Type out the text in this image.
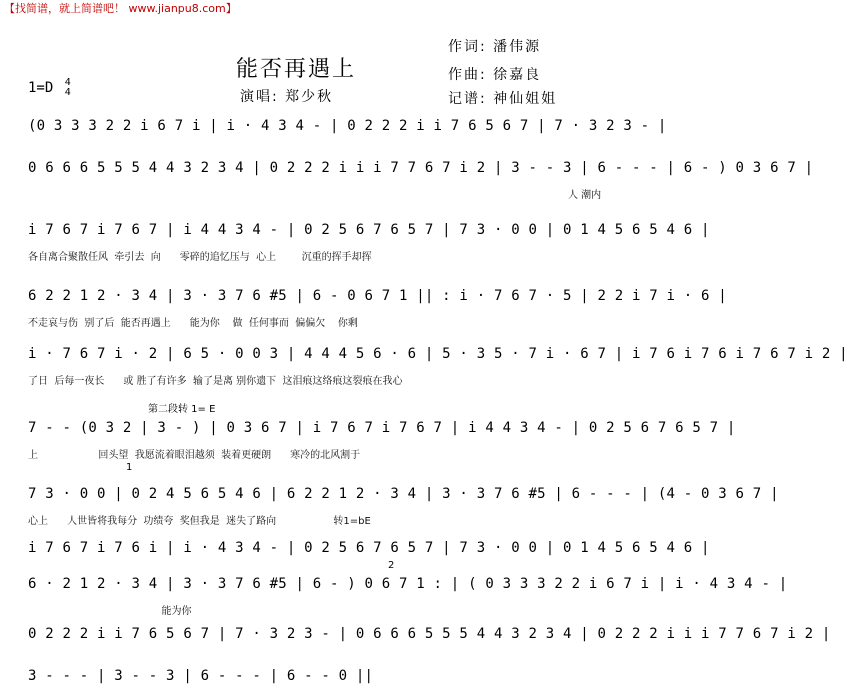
【找简谱，就上简谱吧！ www.jianpu8.com】
作词: 潘伟源
能否再遇上	作曲: 徐嘉良
演唱: 郑少秋	记谱: 神仙姐姐
1=D 4
4
(0 3 3 3 2 2 i 6 7 i | i · 4 3 4 - | 0 2 2 2 i i 7 6 5 6 7 | 7 · 3 2 3 - |
0 6 6 6 5 5 5 4 4 3 2 3 4 | 0 2 2 2 i i i 7 7 6 7 i 2 | 3 - - 3 | 6 - - - | 6 - ) 0 3 6 7 |
人 潮内
i 7 6 7 i 7 6 7 | i 4 4 3 4 - | 0 2 5 6 7 6 5 7 | 7 3 · 0 0 | 0 1 4 5 6 5 4 6 |
各自离合聚散任风  牵引去  向      零碎的追忆压与  心上        沉重的挥手却挥
6 2 2 1 2 · 3 4 | 3 · 3 7 6 #5 | 6 - 0 6 7 1 || : i · 7 6 7 · 5 | 2 2 i 7 i · 6 |
不走哀与伤  别了后  能否再遇上      能为你    做  任何事而  偏偏欠    你剩
i · 7 6 7 i · 2 | 6 5 · 0 0 3 | 4 4 4 5 6 · 6 | 5 · 3 5 · 7 i · 6 7 | i 7 6 i 7 6 i 7 6 7 i 2 |
了日  后每一夜长      或 胜了有许多  输了是离 别你遗下  这泪痕这络痕这裂痕在我心
第二段转 1= E
7 - - (0 3 2 | 3 - ) | 0 3 6 7 | i 7 6 7 i 7 6 7 | i 4 4 3 4 - | 0 2 5 6 7 6 5 7 |
上                   回头望  我愿流着眼泪越须  装着更硬朗      寒冷的北风割于
1
7 3 · 0 0 | 0 2 4 5 6 5 4 6 | 6 2 2 1 2 · 3 4 | 3 · 3 7 6 #5 | 6 - - - | (4 - 0 3 6 7 |
心上      人世皆将我每分  功绩夸  奖但我是  迷失了路向                  转1=bE
i 7 6 7 i 7 6 i | i · 4 3 4 - | 0 2 5 6 7 6 5 7 | 7 3 · 0 0 | 0 1 4 5 6 5 4 6 |
2
6 · 2 1 2 · 3 4 | 3 · 3 7 6 #5 | 6 - ) 0 6 7 1 : | ( 0 3 3 3 2 2 i 6 7 i | i · 4 3 4 - |
能为你
0 2 2 2 i i 7 6 5 6 7 | 7 · 3 2 3 - | 0 6 6 6 5 5 5 4 4 3 2 3 4 | 0 2 2 2 i i i 7 7 6 7 i 2 |
3 - - - | 3 - - 3 | 6 - - - | 6 - - 0 ||
